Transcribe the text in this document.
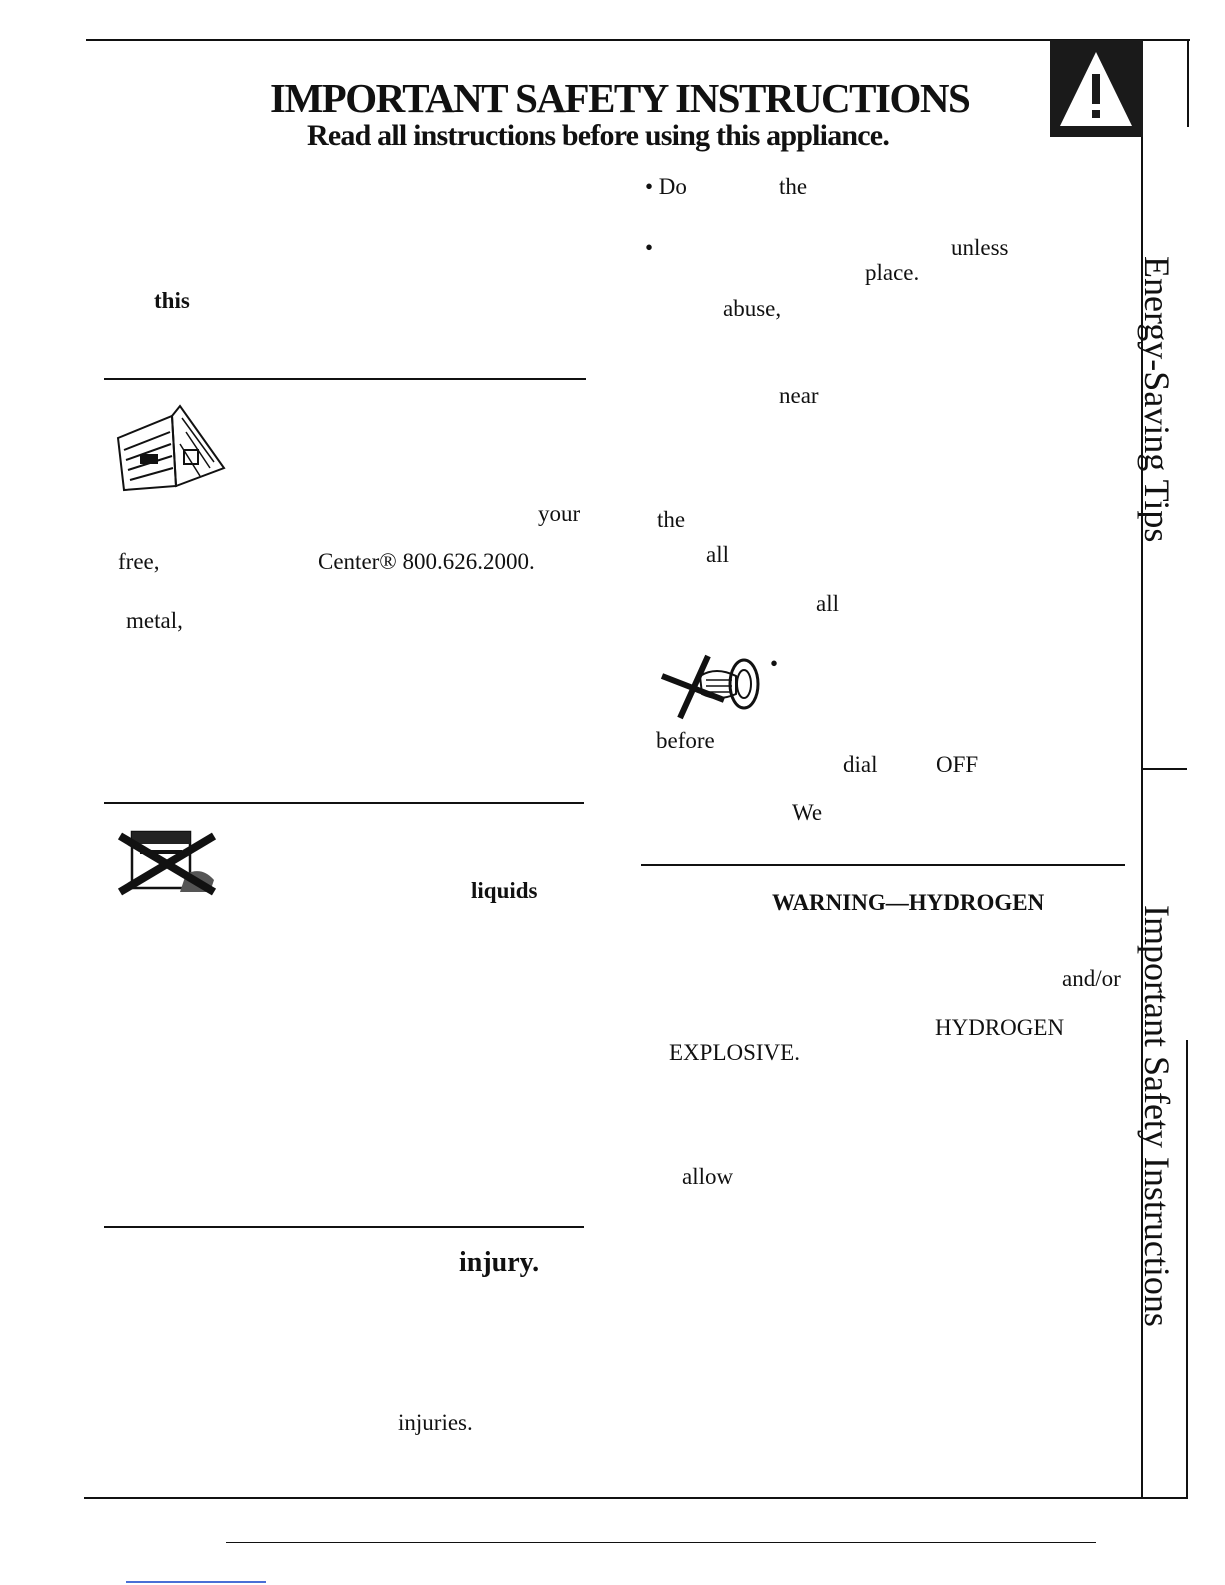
IMPORTANT SAFETY INSTRUCTIONS
Read all instructions before using this appliance.
Energy-Saving Tips
Important Safety Instructions
this
your
free,	Center® 800.626.2000.
metal,
liquids
injury.
injuries.
• Do	the
•	unless
place.
abuse,
near
the
all
all
•
before
dial	OFF
We
WARNING—HYDROGEN
and/or
HYDROGEN
EXPLOSIVE.
allow
